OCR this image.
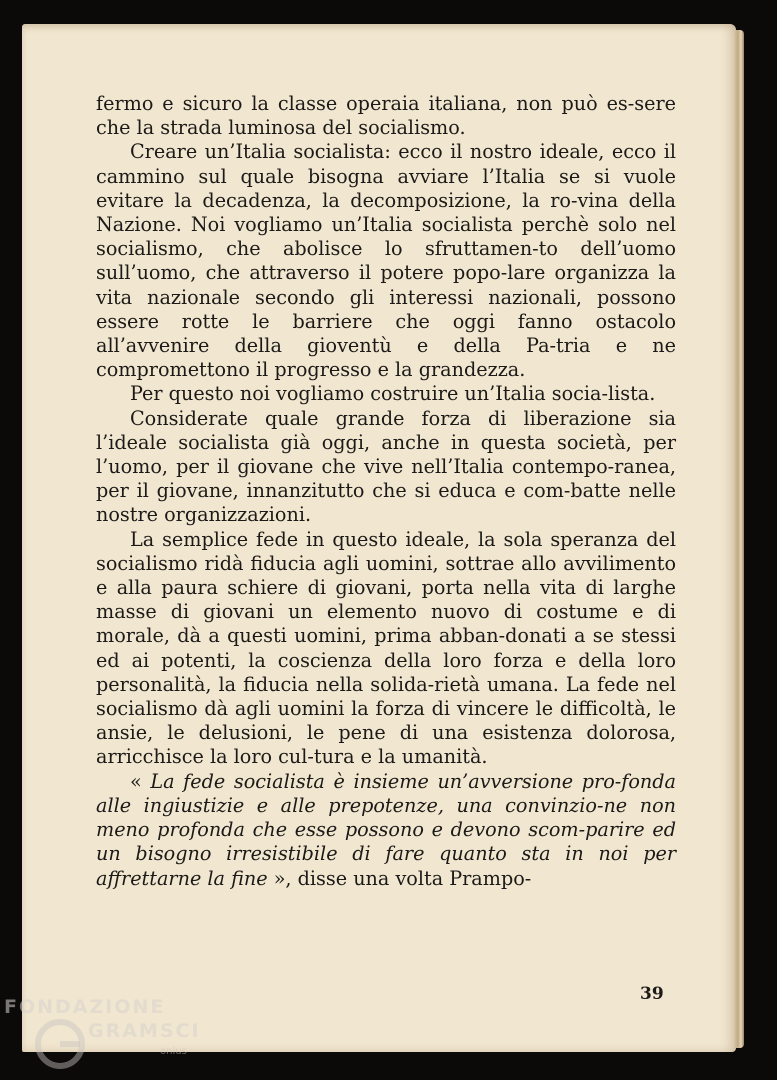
fermo e sicuro la classe operaia italiana, non può es-sere che la strada luminosa del socialismo.

Creare un’Italia socialista: ecco il nostro ideale, ecco il cammino sul quale bisogna avviare l’Italia se si vuole evitare la decadenza, la decomposizione, la ro-vina della Nazione. Noi vogliamo un’Italia socialista perchè solo nel socialismo, che abolisce lo sfruttamen-to dell’uomo sull’uomo, che attraverso il potere popo-lare organizza la vita nazionale secondo gli interessi nazionali, possono essere rotte le barriere che oggi fanno ostacolo all’avvenire della gioventù e della Pa-tria e ne compromettono il progresso e la grandezza.

Per questo noi vogliamo costruire un’Italia socia-lista.

Considerate quale grande forza di liberazione sia l’ideale socialista già oggi, anche in questa società, per l’uomo, per il giovane che vive nell’Italia contempo-ranea, per il giovane, innanzitutto che si educa e com-batte nelle nostre organizzazioni.

La semplice fede in questo ideale, la sola speranza del socialismo ridà fiducia agli uomini, sottrae allo avvilimento e alla paura schiere di giovani, porta nella vita di larghe masse di giovani un elemento nuovo di costume e di morale, dà a questi uomini, prima abban-donati a se stessi ed ai potenti, la coscienza della loro forza e della loro personalità, la fiducia nella solida-rietà umana. La fede nel socialismo dà agli uomini la forza di vincere le difficoltà, le ansie, le delusioni, le pene di una esistenza dolorosa, arricchisce la loro cul-tura e la umanità.

« La fede socialista è insieme un’avversione pro-fonda alle ingiustizie e alle prepotenze, una convinzio-ne non meno profonda che esse possono e devono scom-parire ed un bisogno irresistibile di fare quanto sta in noi per affrettarne la fine », disse una volta Prampo-

39
FONDAZIONE
GRAMSCI
onlus
